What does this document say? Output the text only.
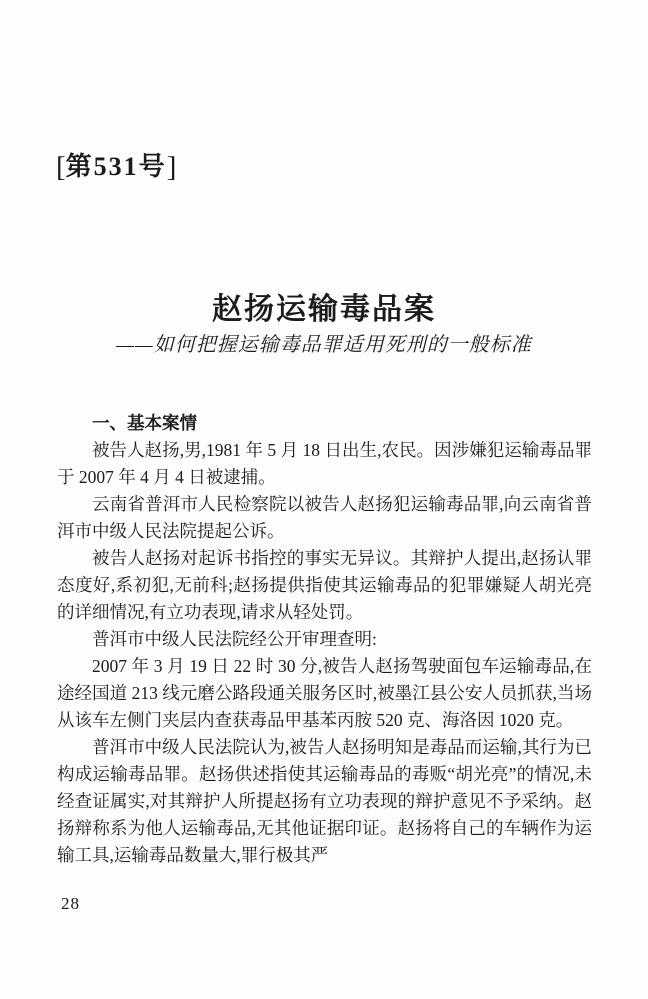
[第531号]
赵扬运输毒品案
——如何把握运输毒品罪适用死刑的一般标准
一、基本案情

被告人赵扬,男,1981 年 5 月 18 日出生,农民。因涉嫌犯运输毒品罪于 2007 年 4 月 4 日被逮捕。

云南省普洱市人民检察院以被告人赵扬犯运输毒品罪,向云南省普洱市中级人民法院提起公诉。

被告人赵扬对起诉书指控的事实无异议。其辩护人提出,赵扬认罪态度好,系初犯,无前科;赵扬提供指使其运输毒品的犯罪嫌疑人胡光亮的详细情况,有立功表现,请求从轻处罚。

普洱市中级人民法院经公开审理查明:

2007 年 3 月 19 日 22 时 30 分,被告人赵扬驾驶面包车运输毒品,在途经国道 213 线元磨公路段通关服务区时,被墨江县公安人员抓获,当场从该车左侧门夹层内查获毒品甲基苯丙胺 520 克、海洛因 1020 克。

普洱市中级人民法院认为,被告人赵扬明知是毒品而运输,其行为已构成运输毒品罪。赵扬供述指使其运输毒品的毒贩“胡光亮”的情况,未经查证属实,对其辩护人所提赵扬有立功表现的辩护意见不予采纳。赵扬辩称系为他人运输毒品,无其他证据印证。赵扬将自己的车辆作为运输工具,运输毒品数量大,罪行极其严

28
